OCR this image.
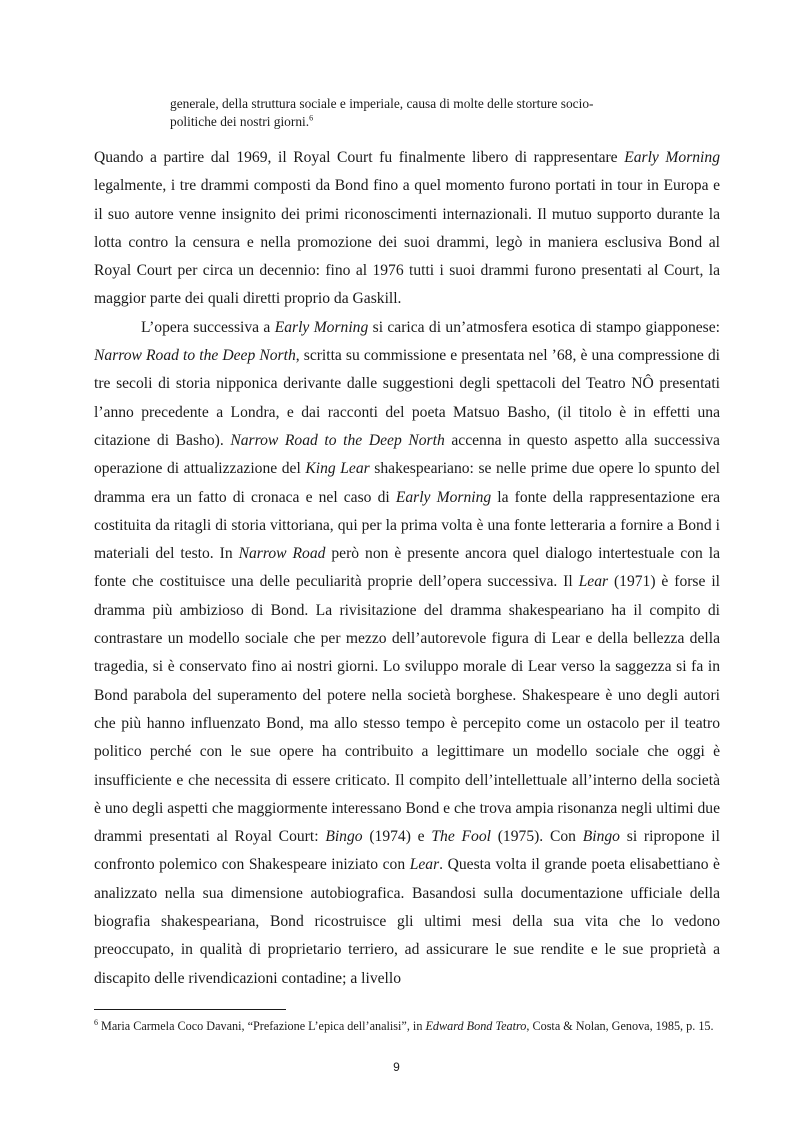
generale, della struttura sociale e imperiale, causa di molte delle storture socio-
politiche dei nostri giorni.$^6$

Quando a partire dal 1969, il Royal Court fu finalmente libero di rappresentare Early Morning legalmente, i tre drammi composti da Bond fino a quel momento furono portati in tour in Europa e il suo autore venne insignito dei primi riconoscimenti internazionali. Il mutuo supporto durante la lotta contro la censura e nella promozione dei suoi drammi, legò in maniera esclusiva Bond al Royal Court per circa un decennio: fino al 1976 tutti i suoi drammi furono presentati al Court, la maggior parte dei quali diretti proprio da Gaskill.

L’opera successiva a Early Morning si carica di un’atmosfera esotica di stampo giapponese: Narrow Road to the Deep North, scritta su commissione e presentata nel ’68, è una compressione di tre secoli di storia nipponica derivante dalle suggestioni degli spettacoli del Teatro NÔ presentati l’anno precedente a Londra, e dai racconti del poeta Matsuo Basho, (il titolo è in effetti una citazione di Basho). Narrow Road to the Deep North accenna in questo aspetto alla successiva operazione di attualizzazione del King Lear shakespeariano: se nelle prime due opere lo spunto del dramma era un fatto di cronaca e nel caso di Early Morning la fonte della rappresentazione era costituita da ritagli di storia vittoriana, qui per la prima volta è una fonte letteraria a fornire a Bond i materiali del testo. In Narrow Road però non è presente ancora quel dialogo intertestuale con la fonte che costituisce una delle peculiarità proprie dell’opera successiva. Il Lear (1971) è forse il dramma più ambizioso di Bond. La rivisitazione del dramma shakespeariano ha il compito di contrastare un modello sociale che per mezzo dell’autorevole figura di Lear e della bellezza della tragedia, si è conservato fino ai nostri giorni. Lo sviluppo morale di Lear verso la saggezza si fa in Bond parabola del superamento del potere nella società borghese. Shakespeare è uno degli autori che più hanno influenzato Bond, ma allo stesso tempo è percepito come un ostacolo per il teatro politico perché con le sue opere ha contribuito a legittimare un modello sociale che oggi è insufficiente e che necessita di essere criticato. Il compito dell’intellettuale all’interno della società è uno degli aspetti che maggiormente interessano Bond e che trova ampia risonanza negli ultimi due drammi presentati al Royal Court: Bingo (1974) e The Fool (1975). Con Bingo si ripropone il confronto polemico con Shakespeare iniziato con Lear. Questa volta il grande poeta elisabettiano è analizzato nella sua dimensione autobiografica. Basandosi sulla documentazione ufficiale della biografia shakespeariana, Bond ricostruisce gli ultimi mesi della sua vita che lo vedono preoccupato, in qualità di proprietario terriero, ad assicurare le sue rendite e le sue proprietà a discapito delle rivendicazioni contadine; a livello

$^6$ Maria Carmela Coco Davani, “Prefazione L’epica dell’analisi”, in Edward Bond Teatro, Costa & Nolan, Genova, 1985, p. 15.
9
